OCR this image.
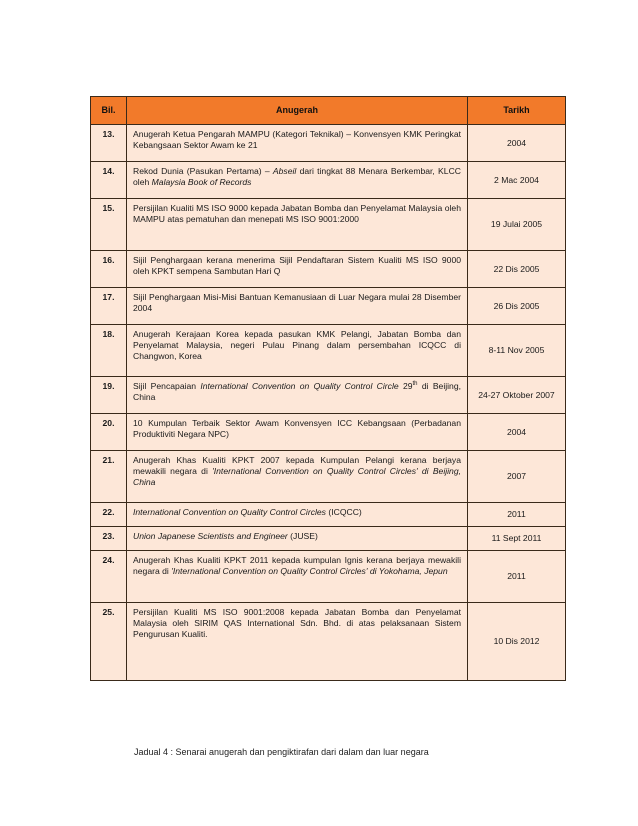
Bil.	Anugerah	Tarikh
13.	Anugerah Ketua Pengarah MAMPU (Kategori Teknikal) – Konvensyen KMK Peringkat Kebangsaan Sektor Awam ke 21	2004
14.	Rekod Dunia (Pasukan Pertama) – Abseil dari tingkat 88 Menara Berkembar, KLCC oleh Malaysia Book of Records	2 Mac 2004
15.	Persijilan Kualiti MS ISO 9000 kepada Jabatan Bomba dan Penyelamat Malaysia oleh MAMPU atas pematuhan dan menepati MS ISO 9001:2000	19 Julai 2005
16.	Sijil Penghargaan kerana menerima Sijil Pendaftaran Sistem Kualiti MS ISO 9000 oleh KPKT sempena Sambutan Hari Q	22 Dis 2005
17.	Sijil Penghargaan Misi-Misi Bantuan Kemanusiaan di Luar Negara mulai 28 Disember 2004	26 Dis 2005
18.	Anugerah Kerajaan Korea kepada pasukan KMK Pelangi, Jabatan Bomba dan Penyelamat Malaysia, negeri Pulau Pinang dalam persembahan ICQCC di Changwon, Korea	8-11 Nov 2005
19.	Sijil Pencapaian International Convention on Quality Control Circle 29th di Beijing, China	24-27 Oktober 2007
20.	10 Kumpulan Terbaik Sektor Awam Konvensyen ICC Kebangsaan (Perbadanan Produktiviti Negara NPC)	2004
21.	Anugerah Khas Kualiti KPKT 2007 kepada Kumpulan Pelangi kerana berjaya mewakili negara di 'International Convention on Quality Control Circles' di Beijing, China	2007
22.	International Convention on Quality Control Circles (ICQCC)	2011
23.	Union Japanese Scientists and Engineer (JUSE)	11 Sept 2011
24.	Anugerah Khas Kualiti KPKT 2011 kepada kumpulan Ignis kerana berjaya mewakili negara di 'International Convention on Quality Control Circles' di Yokohama, Jepun	2011
25.	Persijilan Kualiti MS ISO 9001:2008 kepada Jabatan Bomba dan Penyelamat Malaysia oleh SIRIM QAS International Sdn. Bhd. di atas pelaksanaan Sistem Pengurusan Kualiti.	10 Dis 2012
Jadual 4 : Senarai anugerah dan pengiktirafan dari dalam dan luar negara
